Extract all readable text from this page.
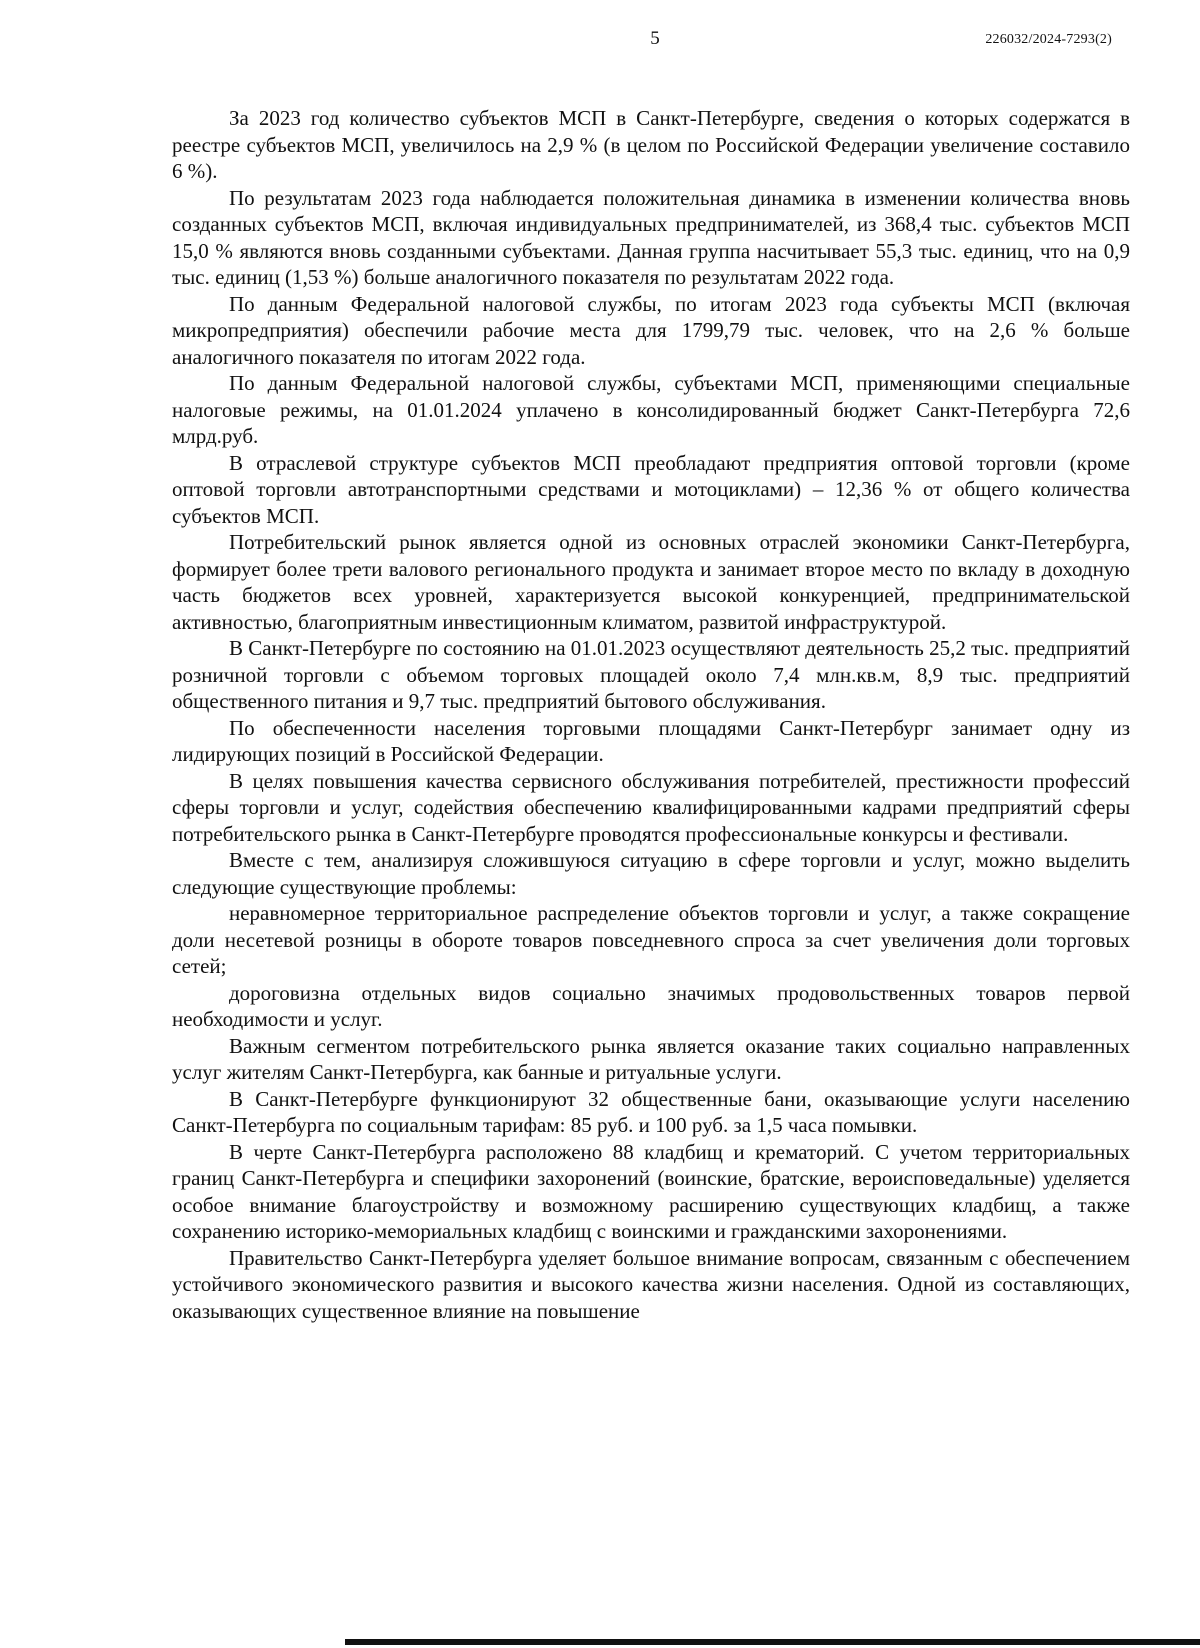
5	226032/2024-7293(2)

За 2023 год количество субъектов МСП в Санкт-Петербурге, сведения о которых содержатся в реестре субъектов МСП, увеличилось на 2,9 % (в целом по Российской Федерации увеличение составило 6 %).

По результатам 2023 года наблюдается положительная динамика в изменении количества вновь созданных субъектов МСП, включая индивидуальных предпринимателей, из 368,4 тыс. субъектов МСП 15,0 % являются вновь созданными субъектами. Данная группа насчитывает 55,3 тыс. единиц, что на 0,9 тыс. единиц (1,53 %) больше аналогичного показателя по результатам 2022 года.

По данным Федеральной налоговой службы, по итогам 2023 года субъекты МСП (включая микропредприятия) обеспечили рабочие места для 1799,79 тыс. человек, что на 2,6 % больше аналогичного показателя по итогам 2022 года.

По данным Федеральной налоговой службы, субъектами МСП, применяющими специальные налоговые режимы, на 01.01.2024 уплачено в консолидированный бюджет Санкт-Петербурга 72,6 млрд.руб.

В отраслевой структуре субъектов МСП преобладают предприятия оптовой торговли (кроме оптовой торговли автотранспортными средствами и мотоциклами) – 12,36 % от общего количества субъектов МСП.

Потребительский рынок является одной из основных отраслей экономики Санкт-Петербурга, формирует более трети валового регионального продукта и занимает второе место по вкладу в доходную часть бюджетов всех уровней, характеризуется высокой конкуренцией, предпринимательской активностью, благоприятным инвестиционным климатом, развитой инфраструктурой.

В Санкт-Петербурге по состоянию на 01.01.2023 осуществляют деятельность 25,2 тыс. предприятий розничной торговли с объемом торговых площадей около 7,4 млн.кв.м, 8,9 тыс. предприятий общественного питания и 9,7 тыс. предприятий бытового обслуживания.

По обеспеченности населения торговыми площадями Санкт-Петербург занимает одну из лидирующих позиций в Российской Федерации.

В целях повышения качества сервисного обслуживания потребителей, престижности профессий сферы торговли и услуг, содействия обеспечению квалифицированными кадрами предприятий сферы потребительского рынка в Санкт-Петербурге проводятся профессиональные конкурсы и фестивали.

Вместе с тем, анализируя сложившуюся ситуацию в сфере торговли и услуг, можно выделить следующие существующие проблемы:

неравномерное территориальное распределение объектов торговли и услуг, а также сокращение доли несетевой розницы в обороте товаров повседневного спроса за счет увеличения доли торговых сетей;

дороговизна отдельных видов социально значимых продовольственных товаров первой необходимости и услуг.

Важным сегментом потребительского рынка является оказание таких социально направленных услуг жителям Санкт-Петербурга, как банные и ритуальные услуги.

В Санкт-Петербурге функционируют 32 общественные бани, оказывающие услуги населению Санкт-Петербурга по социальным тарифам: 85 руб. и 100 руб. за 1,5 часа помывки.

В черте Санкт-Петербурга расположено 88 кладбищ и крематорий. С учетом территориальных границ Санкт-Петербурга и специфики захоронений (воинские, братские, вероисповедальные) уделяется особое внимание благоустройству и возможному расширению существующих кладбищ, а также сохранению историко-мемориальных кладбищ с воинскими и гражданскими захоронениями.

Правительство Санкт-Петербурга уделяет большое внимание вопросам, связанным с обеспечением устойчивого экономического развития и высокого качества жизни населения. Одной из составляющих, оказывающих существенное влияние на повышение
